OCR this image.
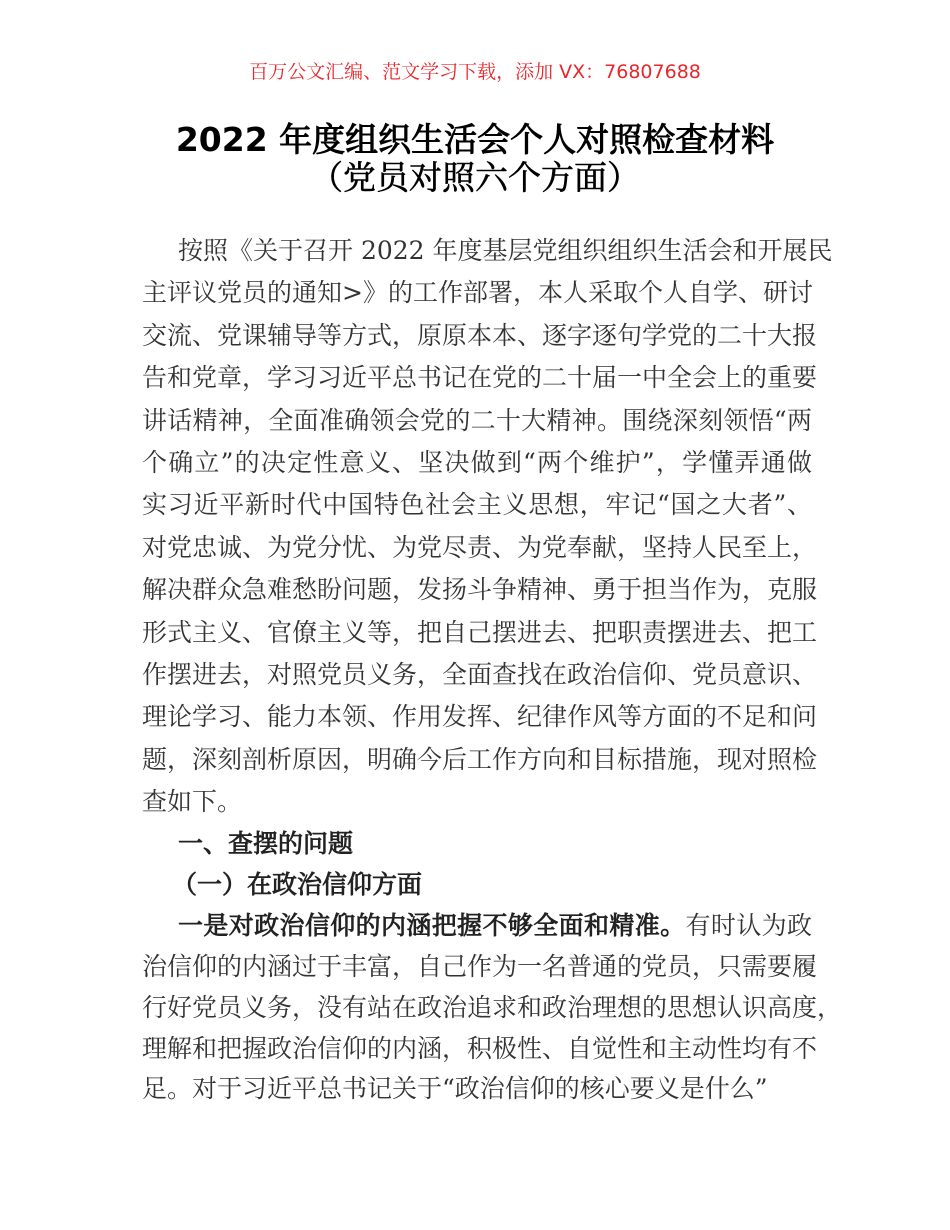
百万公文汇编、范文学习下载，添加 VX：76807688
2022 年度组织生活会个人对照检查材料
（党员对照六个方面）
按照《关于召开 2022 年度基层党组织组织生活会和开展民
主评议党员的通知>》的工作部署，本人采取个人自学、研讨
交流、党课辅导等方式，原原本本、逐字逐句学党的二十大报
告和党章，学习习近平总书记在党的二十届一中全会上的重要
讲话精神，全面准确领会党的二十大精神。围绕深刻领悟“两
个确立”的决定性意义、坚决做到“两个维护”，学懂弄通做
实习近平新时代中国特色社会主义思想，牢记“国之大者”、
对党忠诚、为党分忧、为党尽责、为党奉献，坚持人民至上，
解决群众急难愁盼问题，发扬斗争精神、勇于担当作为，克服
形式主义、官僚主义等，把自己摆进去、把职责摆进去、把工
作摆进去，对照党员义务，全面查找在政治信仰、党员意识、
理论学习、能力本领、作用发挥、纪律作风等方面的不足和问
题，深刻剖析原因，明确今后工作方向和目标措施，现对照检
查如下。
治信仰的内涵过于丰富，自己作为一名普通的党员，只需要履
行好党员义务，没有站在政治追求和政治理想的思想认识高度，
理解和把握政治信仰的内涵，积极性、自觉性和主动性均有不
足。对于习近平总书记关于“政治信仰的核心要义是什么”
一、查摆的问题
（一）在政治信仰方面
一是对政治信仰的内涵把握不够全面和精准。有时认为政
